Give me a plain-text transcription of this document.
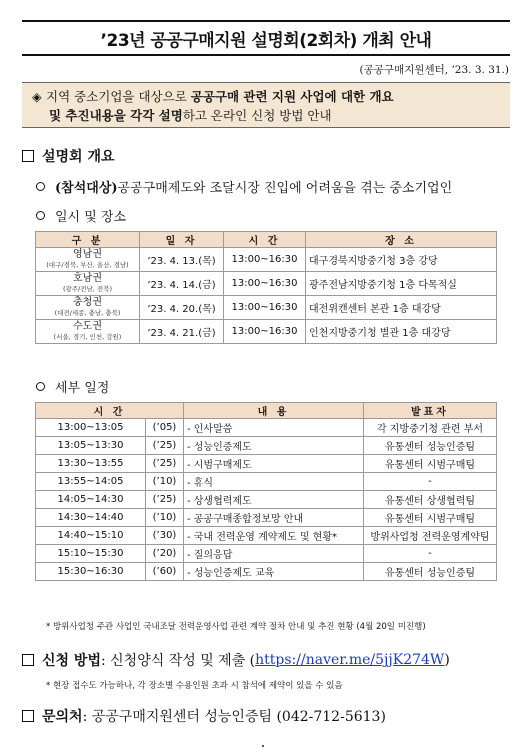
’23년 공공구매지원 설명회(2회차) 개최 안내
(공공구매지원센터, ’23. 3. 31.)
◈ 지역 중소기업을 대상으로 공공구매 관련 지원 사업에 대한 개요
및 추진내용을 각각 설명하고 온라인 신청 방법 안내
설명회 개요
(참석대상) 공공구매제도와 조달시장 진입에 어려움을 겪는 중소기업인
일시 및 장소
구 분	일 자	시 간	장 소

영남권
(대구/경북, 부산, 울산, 경남)	’23. 4. 13.(목)	13:00~16:30	대구경북지방중기청 3층 강당

호남권
(광주/전남, 전북)	’23. 4. 14.(금)	13:00~16:30	광주전남지방중기청 1층 다목적실

충청권
(대전/세종, 충남, 충북)	’23. 4. 20.(목)	13:00~16:30	대전위캔센터 본관 1층 대강당

수도권
(서울, 경기, 인천, 강원)	’23. 4. 21.(금)	13:00~16:30	인천지방중기청 별관 1층 대강당
세부 일정
시 간		내 용	발표자
13:00~13:05	(’05)	- 인사말씀	각 지방중기청 관련 부서
13:05~13:30	(’25)	- 성능인증제도	유통센터 성능인증팀
13:30~13:55	(’25)	- 시범구매제도	유통센터 시범구매팀
13:55~14:05	(’10)	- 휴식	-
14:05~14:30	(’25)	- 상생협력제도	유통센터 상생협력팀
14:30~14:40	(’10)	- 공공구매종합정보망 안내	유통센터 시범구매팀
14:40~15:10	(’30)	- 국내 전력운영 계약제도 및 현황*	방위사업청 전력운영계약팀
15:10~15:30	(’20)	- 질의응답	-
15:30~16:30	(’60)	- 성능인증제도 교육	유통센터 성능인증팀
* 방위사업청 주관 사업인 국내조달 전력운영사업 관련 계약 절차 안내 및 추진 현황 (4월 20일 미진행)
신청 방법 : 신청양식 작성 및 제출 ( https://naver.me/5jjK274W )
* 현장 접수도 가능하나, 각 장소별 수용인원 초과 시 참석에 제약이 있을 수 있음
문의처 : 공공구매지원센터 성능인증팀 (042-712-5613)
